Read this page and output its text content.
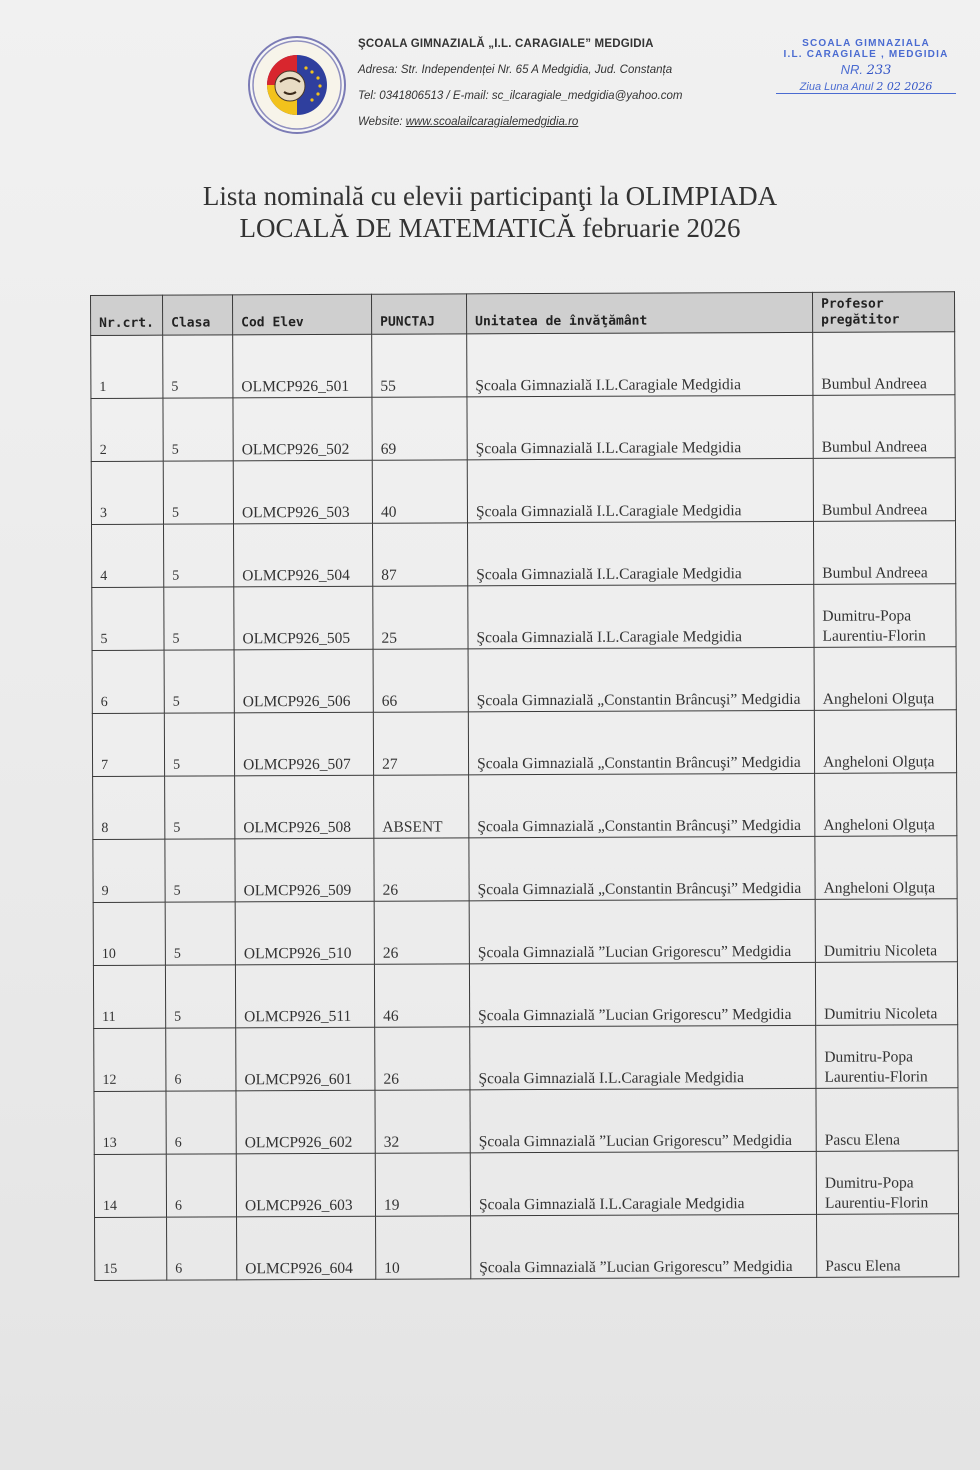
ŞCOALA GIMNAZIALĂ „I.L. CARAGIALE” MEDGIDIA
Adresa: Str. Independenței Nr. 65 A Medgidia, Jud. Constanța
Tel: 0341806513 / E-mail: sc_ilcaragiale_medgidia@yahoo.com
Website: www.scoalailcaragialemedgidia.ro
SCOALA GIMNAZIALA
I.L. CARAGIALE , MEDGIDIA
NR. 233
Ziua Luna Anul 2 02 2026
Lista nominală cu elevii participanţi la OLIMPIADA
LOCALĂ DE MATEMATICĂ februarie 2026
Nr.crt.	Clasa	Cod Elev	PUNCTAJ	Unitatea de învăţământ	Profesor pregătitor
1	5	OLMCP926_501	55	Şcoala Gimnazială I.L.Caragiale Medgidia	Bumbul Andreea
2	5	OLMCP926_502	69	Şcoala Gimnazială I.L.Caragiale Medgidia	Bumbul Andreea
3	5	OLMCP926_503	40	Şcoala Gimnazială I.L.Caragiale Medgidia	Bumbul Andreea
4	5	OLMCP926_504	87	Şcoala Gimnazială I.L.Caragiale Medgidia	Bumbul Andreea
5	5	OLMCP926_505	25	Şcoala Gimnazială I.L.Caragiale Medgidia	Dumitru-Popa Laurentiu-Florin
6	5	OLMCP926_506	66	Şcoala Gimnazială „Constantin Brâncuşi” Medgidia	Angheloni Olguța
7	5	OLMCP926_507	27	Şcoala Gimnazială „Constantin Brâncuşi” Medgidia	Angheloni Olguța
8	5	OLMCP926_508	ABSENT	Şcoala Gimnazială „Constantin Brâncuşi” Medgidia	Angheloni Olguța
9	5	OLMCP926_509	26	Şcoala Gimnazială „Constantin Brâncuşi” Medgidia	Angheloni Olguța
10	5	OLMCP926_510	26	Şcoala Gimnazială ”Lucian Grigorescu” Medgidia	Dumitriu Nicoleta
11	5	OLMCP926_511	46	Şcoala Gimnazială ”Lucian Grigorescu” Medgidia	Dumitriu Nicoleta
12	6	OLMCP926_601	26	Şcoala Gimnazială I.L.Caragiale Medgidia	Dumitru-Popa Laurentiu-Florin
13	6	OLMCP926_602	32	Şcoala Gimnazială ”Lucian Grigorescu” Medgidia	Pascu Elena
14	6	OLMCP926_603	19	Şcoala Gimnazială I.L.Caragiale Medgidia	Dumitru-Popa Laurentiu-Florin
15	6	OLMCP926_604	10	Şcoala Gimnazială ”Lucian Grigorescu” Medgidia	Pascu Elena
